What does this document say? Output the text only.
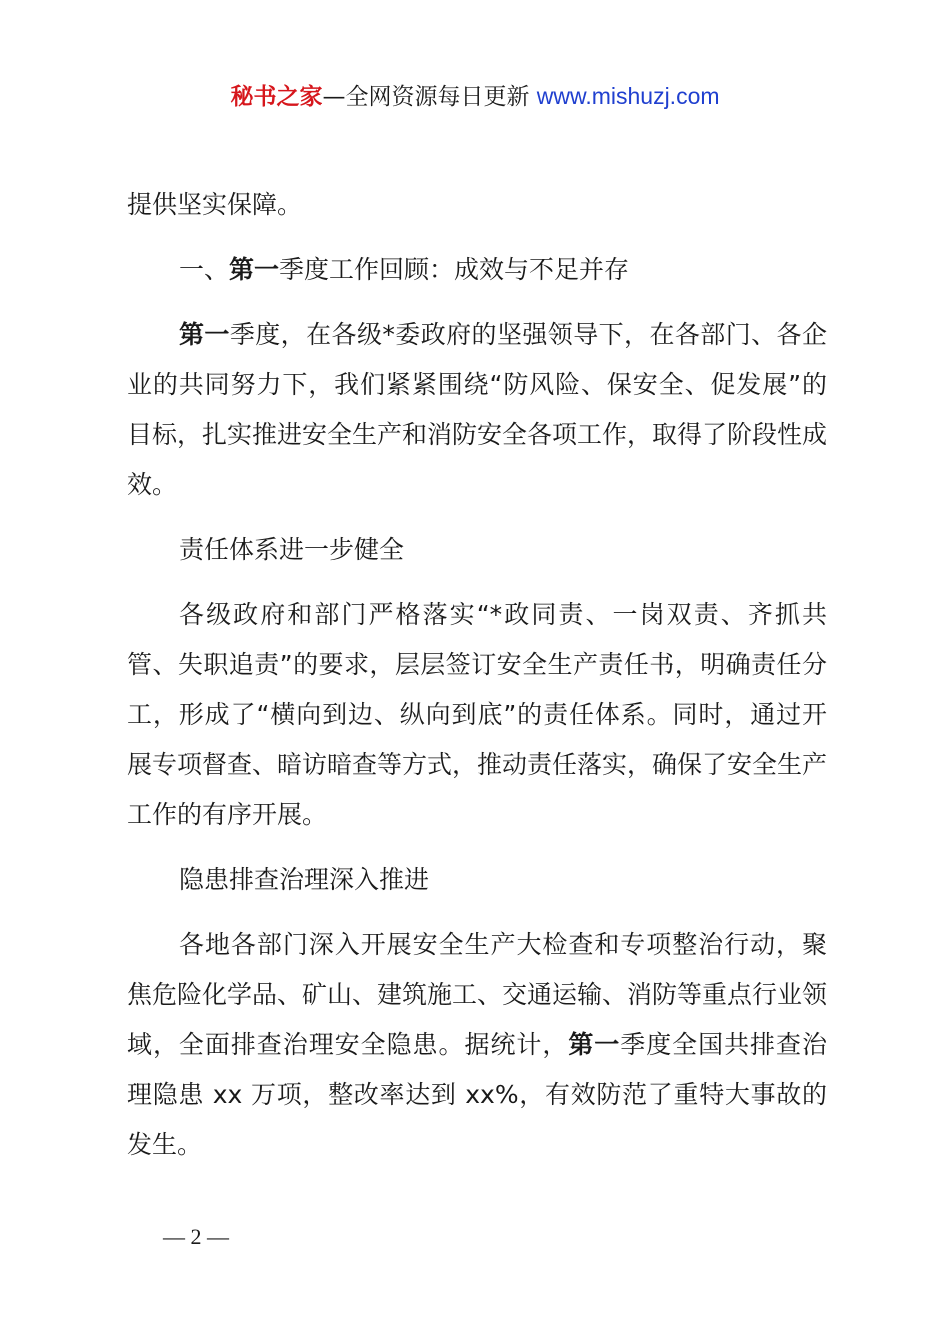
秘书之家—全网资源每日更新 www.mishuzj.com

提供坚实保障。

一、第一季度工作回顾：成效与不足并存

第一季度，在各级*委政府的坚强领导下，在各部门、各企业的共同努力下，我们紧紧围绕“防风险、保安全、促发展”的目标，扎实推进安全生产和消防安全各项工作，取得了阶段性成效。

责任体系进一步健全

各级政府和部门严格落实“*政同责、一岗双责、齐抓共管、失职追责”的要求，层层签订安全生产责任书，明确责任分工，形成了“横向到边、纵向到底”的责任体系。同时，通过开展专项督查、暗访暗查等方式，推动责任落实，确保了安全生产工作的有序开展。

隐患排查治理深入推进

各地各部门深入开展安全生产大检查和专项整治行动，聚焦危险化学品、矿山、建筑施工、交通运输、消防等重点行业领域，全面排查治理安全隐患。据统计，第一季度全国共排查治理隐患 xx 万项，整改率达到 xx%，有效防范了重特大事故的发生。

— 2 —
